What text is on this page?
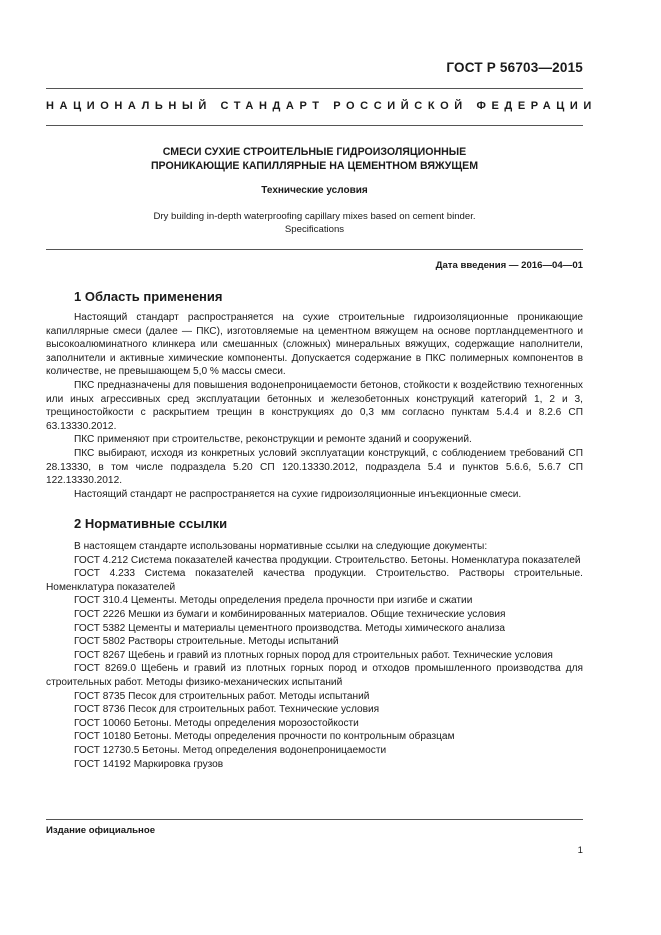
ГОСТ Р 56703—2015
НАЦИОНАЛЬНЫЙ СТАНДАРТ РОССИЙСКОЙ ФЕДЕРАЦИИ
СМЕСИ СУХИЕ СТРОИТЕЛЬНЫЕ ГИДРОИЗОЛЯЦИОННЫЕ
ПРОНИКАЮЩИЕ КАПИЛЛЯРНЫЕ НА ЦЕМЕНТНОМ ВЯЖУЩЕМ
Технические условия
Dry building in-depth waterproofing capillary mixes based on cement binder.
Specifications
Дата введения — 2016—04—01
1 Область применения

Настоящий стандарт распространяется на сухие строительные гидроизоляционные проникающие капиллярные смеси (далее — ПКС), изготовляемые на цементном вяжущем на основе портландцементного и высокоалюминатного клинкера или смешанных (сложных) минеральных вяжущих, содержащие наполнители, заполнители и активные химические компоненты. Допускается содержание в ПКС полимерных компонентов в количестве, не превышающем 5,0 % массы смеси.

ПКС предназначены для повышения водонепроницаемости бетонов, стойкости к воздействию техногенных или иных агрессивных сред эксплуатации бетонных и железобетонных конструкций категорий 1, 2 и 3, трещиностойкости с раскрытием трещин в конструкциях до 0,3 мм согласно пунктам 5.4.4 и 8.2.6 СП 63.13330.2012.

ПКС применяют при строительстве, реконструкции и ремонте зданий и сооружений.

ПКС выбирают, исходя из конкретных условий эксплуатации конструкций, с соблюдением требований СП 28.13330, в том числе подраздела 5.20 СП 120.13330.2012, подраздела 5.4 и пунктов 5.6.6, 5.6.7 СП 122.13330.2012.

Настоящий стандарт не распространяется на сухие гидроизоляционные инъекционные смеси.

2 Нормативные ссылки

В настоящем стандарте использованы нормативные ссылки на следующие документы:

ГОСТ 4.212 Система показателей качества продукции. Строительство. Бетоны. Номенклатура показателей

ГОСТ 4.233 Система показателей качества продукции. Строительство. Растворы строительные. Номенклатура показателей

ГОСТ 310.4 Цементы. Методы определения предела прочности при изгибе и сжатии

ГОСТ 2226 Мешки из бумаги и комбинированных материалов. Общие технические условия

ГОСТ 5382 Цементы и материалы цементного производства. Методы химического анализа

ГОСТ 5802 Растворы строительные. Методы испытаний

ГОСТ 8267 Щебень и гравий из плотных горных пород для строительных работ. Технические условия

ГОСТ 8269.0 Щебень и гравий из плотных горных пород и отходов промышленного производства для строительных работ. Методы физико-механических испытаний

ГОСТ 8735 Песок для строительных работ. Методы испытаний

ГОСТ 8736 Песок для строительных работ. Технические условия

ГОСТ 10060 Бетоны. Методы определения морозостойкости

ГОСТ 10180 Бетоны. Методы определения прочности по контрольным образцам

ГОСТ 12730.5 Бетоны. Метод определения водонепроницаемости

ГОСТ 14192 Маркировка грузов

Издание официальное
1
